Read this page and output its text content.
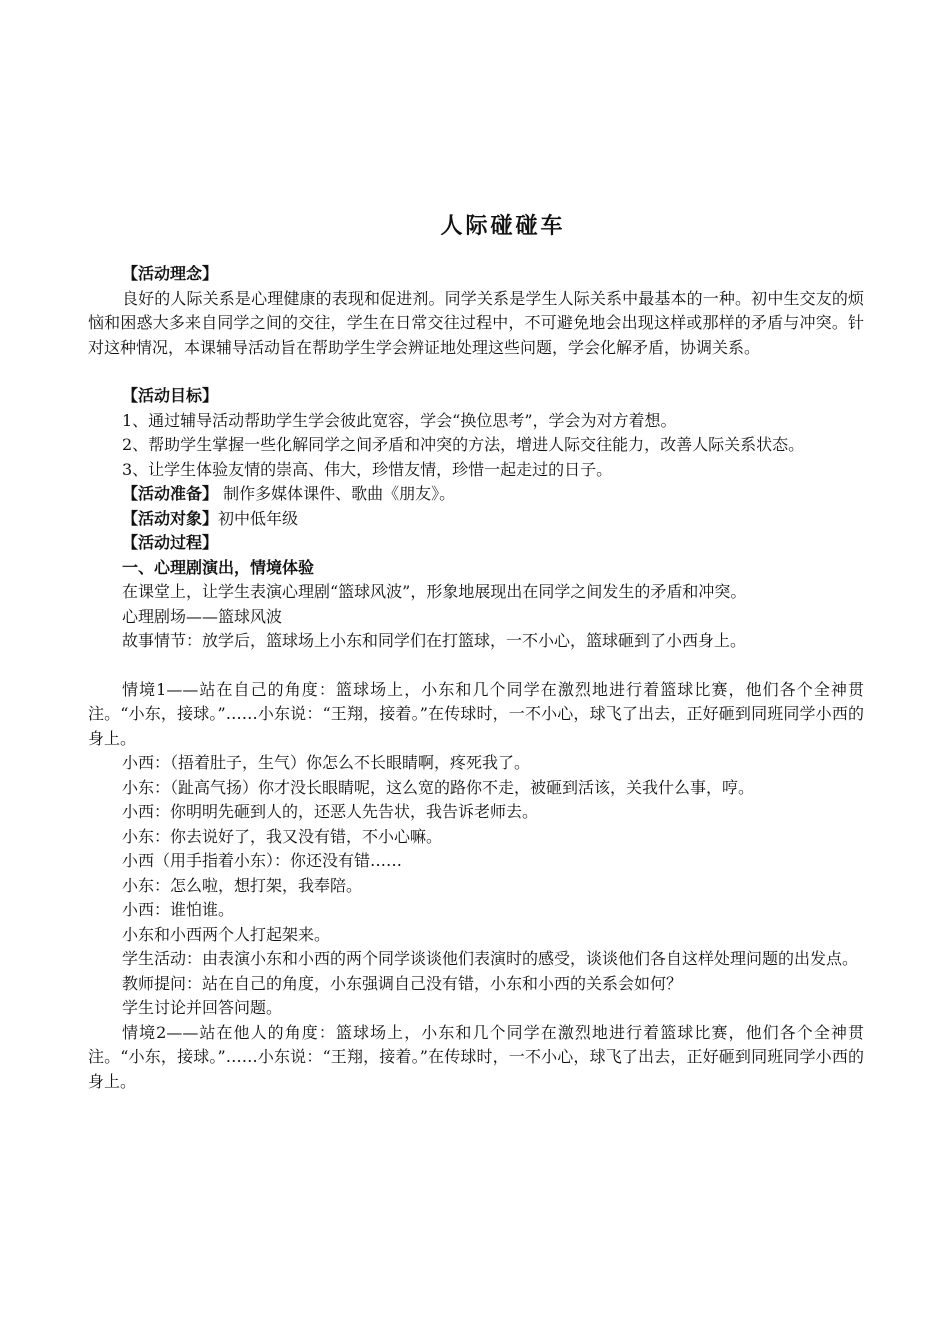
人际碰碰车

【活动理念】

良好的人际关系是心理健康的表现和促进剂。同学关系是学生人际关系中最基本的一种。初中生交友的烦恼和困惑大多来自同学之间的交往，学生在日常交往过程中，不可避免地会出现这样或那样的矛盾与冲突。针对这种情况，本课辅导活动旨在帮助学生学会辨证地处理这些问题，学会化解矛盾，协调关系。

【活动目标】

1、通过辅导活动帮助学生学会彼此宽容，学会“换位思考”，学会为对方着想。

2、帮助学生掌握一些化解同学之间矛盾和冲突的方法，增进人际交往能力，改善人际关系状态。

3、让学生体验友情的崇高、伟大，珍惜友情，珍惜一起走过的日子。

【活动准备】 制作多媒体课件、歌曲《朋友》。

【活动对象】初中低年级

【活动过程】

一、心理剧演出，情境体验

在课堂上，让学生表演心理剧“篮球风波”，形象地展现出在同学之间发生的矛盾和冲突。

心理剧场——篮球风波

故事情节：放学后，篮球场上小东和同学们在打篮球，一不小心，篮球砸到了小西身上。

情境1——站在自己的角度：篮球场上，小东和几个同学在激烈地进行着篮球比赛，他们各个全神贯注。“小东，接球。”……小东说：“王翔，接着。”在传球时，一不小心，球飞了出去，正好砸到同班同学小西的身上。

小西：（捂着肚子，生气）你怎么不长眼睛啊，疼死我了。

小东：（趾高气扬）你才没长眼睛呢，这么宽的路你不走，被砸到活该，关我什么事，哼。

小西：你明明先砸到人的，还恶人先告状，我告诉老师去。

小东：你去说好了，我又没有错，不小心嘛。

小西（用手指着小东）：你还没有错……

小东：怎么啦，想打架，我奉陪。

小西：谁怕谁。

小东和小西两个人打起架来。

学生活动：由表演小东和小西的两个同学谈谈他们表演时的感受，谈谈他们各自这样处理问题的出发点。

教师提问：站在自己的角度，小东强调自己没有错，小东和小西的关系会如何？

学生讨论并回答问题。

情境2——站在他人的角度：篮球场上，小东和几个同学在激烈地进行着篮球比赛，他们各个全神贯注。“小东，接球。”……小东说：“王翔，接着。”在传球时，一不小心，球飞了出去，正好砸到同班同学小西的身上。
